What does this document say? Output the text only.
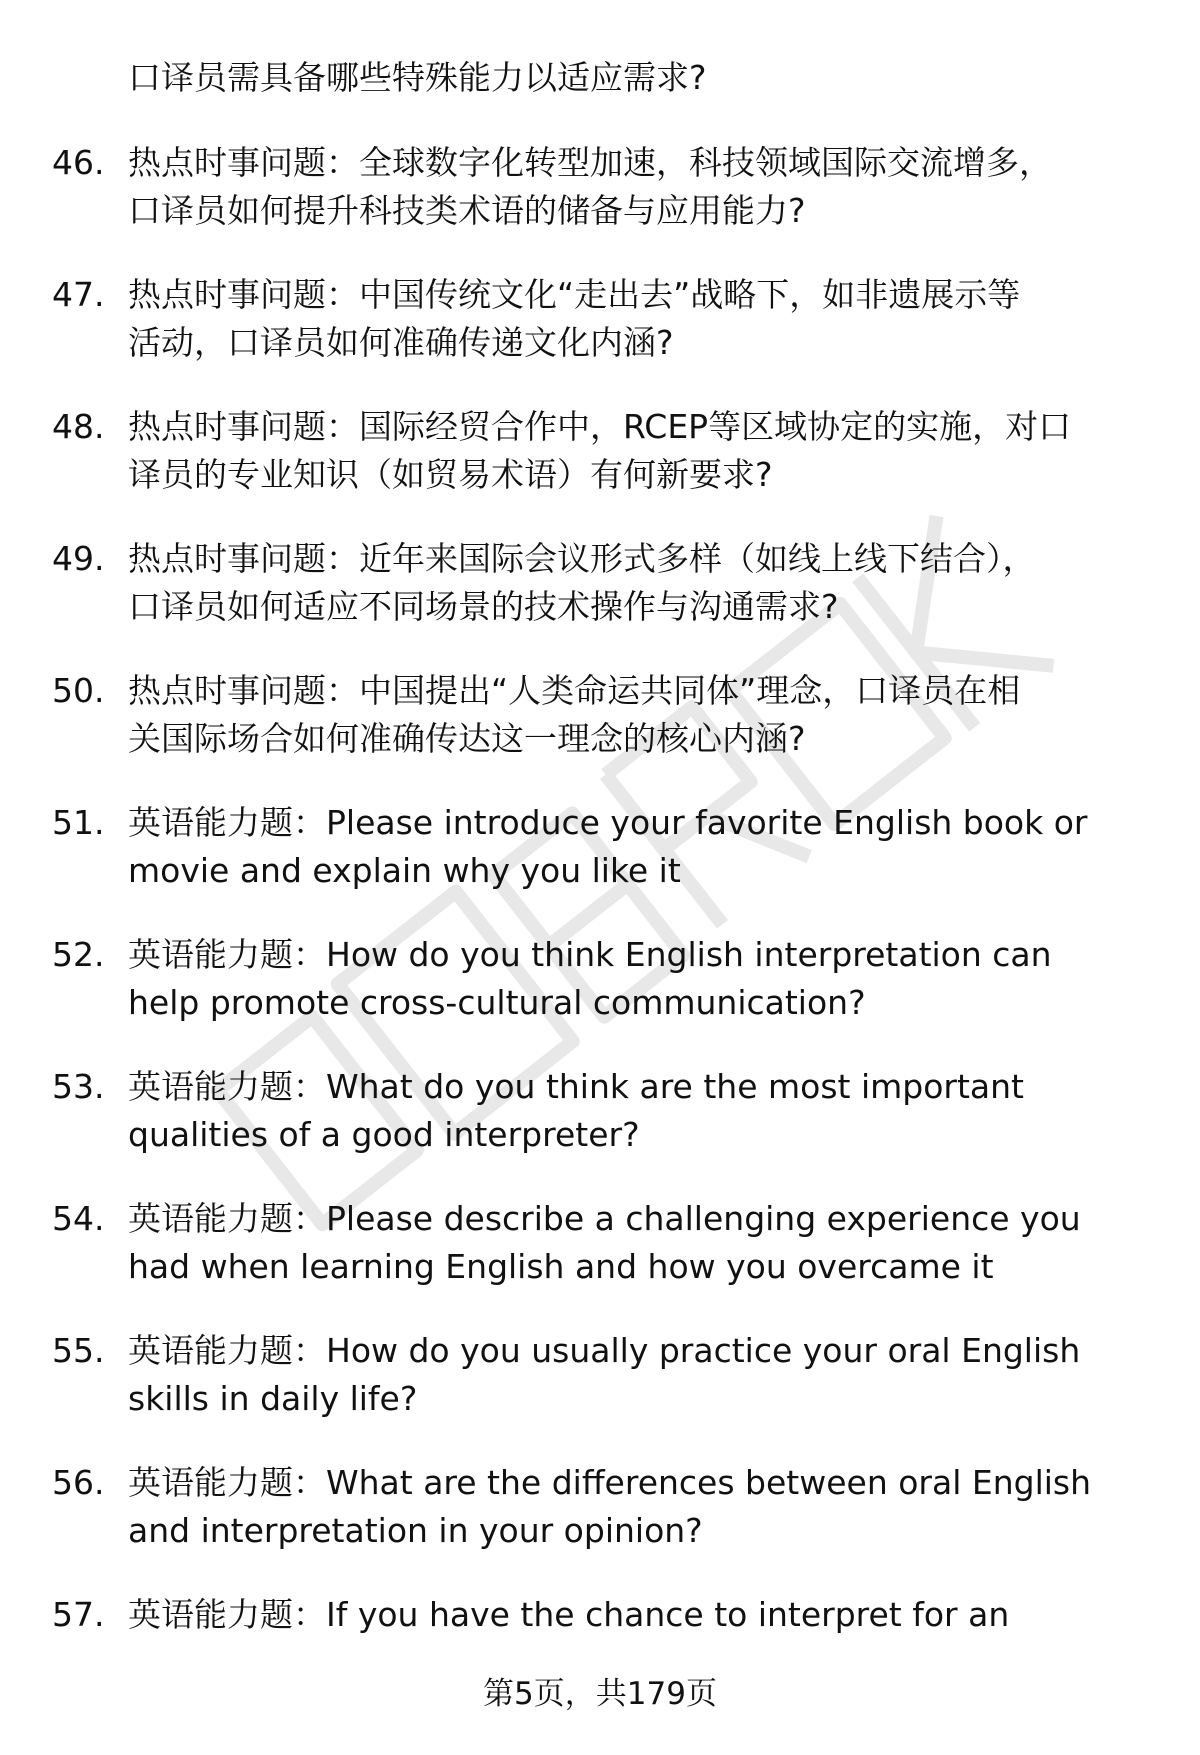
口译员需具备哪些特殊能力以适应需求?
46. 热点时事问题：全球数字化转型加速，科技领域国际交流增多，
口译员如何提升科技类术语的储备与应用能力?
47. 热点时事问题：中国传统文化“走出去”战略下，如非遗展示等
活动，口译员如何准确传递文化内涵?
48. 热点时事问题：国际经贸合作中，RCEP等区域协定的实施，对口
译员的专业知识（如贸易术语）有何新要求?
49. 热点时事问题：近年来国际会议形式多样（如线上线下结合），
口译员如何适应不同场景的技术操作与沟通需求?
50. 热点时事问题：中国提出“人类命运共同体”理念，口译员在相
关国际场合如何准确传达这一理念的核心内涵?
51. 英语能力题：Please introduce your favorite English book or
movie and explain why you like it
52. 英语能力题：How do you think English interpretation can
help promote cross-cultural communication?
53. 英语能力题：What do you think are the most important
qualities of a good interpreter?
54. 英语能力题：Please describe a challenging experience you
had when learning English and how you overcame it
55. 英语能力题：How do you usually practice your oral English
skills in daily life?
56. 英语能力题：What are the differences between oral English
and interpretation in your opinion?
57. 英语能力题：If you have the chance to interpret for an
第5页，共179页
